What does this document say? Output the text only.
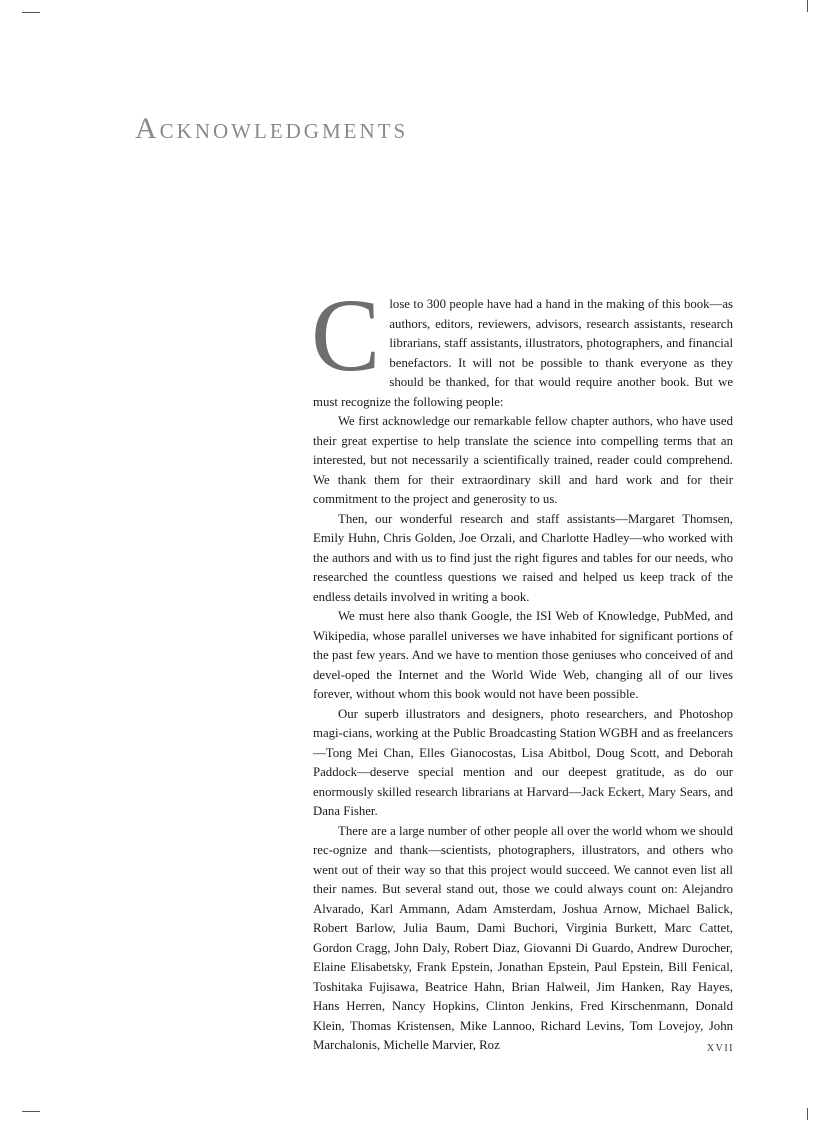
Acknowledgments

Close to 300 people have had a hand in the making of this book—as authors, editors, reviewers, advisors, research assistants, research librarians, staff assistants, illustrators, photographers, and financial benefactors. It will not be possible to thank everyone as they should be thanked, for that would require another book. But we must recognize the following people:

We first acknowledge our remarkable fellow chapter authors, who have used their great expertise to help translate the science into compelling terms that an interested, but not necessarily a scientifically trained, reader could comprehend. We thank them for their extraordinary skill and hard work and for their commitment to the project and generosity to us.

Then, our wonderful research and staff assistants—Margaret Thomsen, Emily Huhn, Chris Golden, Joe Orzali, and Charlotte Hadley—who worked with the authors and with us to find just the right figures and tables for our needs, who researched the countless questions we raised and helped us keep track of the endless details involved in writing a book.

We must here also thank Google, the ISI Web of Knowledge, PubMed, and Wikipedia, whose parallel universes we have inhabited for significant portions of the past few years. And we have to mention those geniuses who conceived of and devel-oped the Internet and the World Wide Web, changing all of our lives forever, without whom this book would not have been possible.

Our superb illustrators and designers, photo researchers, and Photoshop magi-cians, working at the Public Broadcasting Station WGBH and as freelancers—Tong Mei Chan, Elles Gianocostas, Lisa Abitbol, Doug Scott, and Deborah Paddock—deserve special mention and our deepest gratitude, as do our enormously skilled research librarians at Harvard—Jack Eckert, Mary Sears, and Dana Fisher.

There are a large number of other people all over the world whom we should rec-ognize and thank—scientists, photographers, illustrators, and others who went out of their way so that this project would succeed. We cannot even list all their names. But several stand out, those we could always count on: Alejandro Alvarado, Karl Ammann, Adam Amsterdam, Joshua Arnow, Michael Balick, Robert Barlow, Julia Baum, Dami Buchori, Virginia Burkett, Marc Cattet, Gordon Cragg, John Daly, Robert Diaz, Giovanni Di Guardo, Andrew Durocher, Elaine Elisabetsky, Frank Epstein, Jonathan Epstein, Paul Epstein, Bill Fenical, Toshitaka Fujisawa, Beatrice Hahn, Brian Halweil, Jim Hanken, Ray Hayes, Hans Herren, Nancy Hopkins, Clinton Jenkins, Fred Kirschenmann, Donald Klein, Thomas Kristensen, Mike Lannoo, Richard Levins, Tom Lovejoy, John Marchalonis, Michelle Marvier, Roz	XVII
